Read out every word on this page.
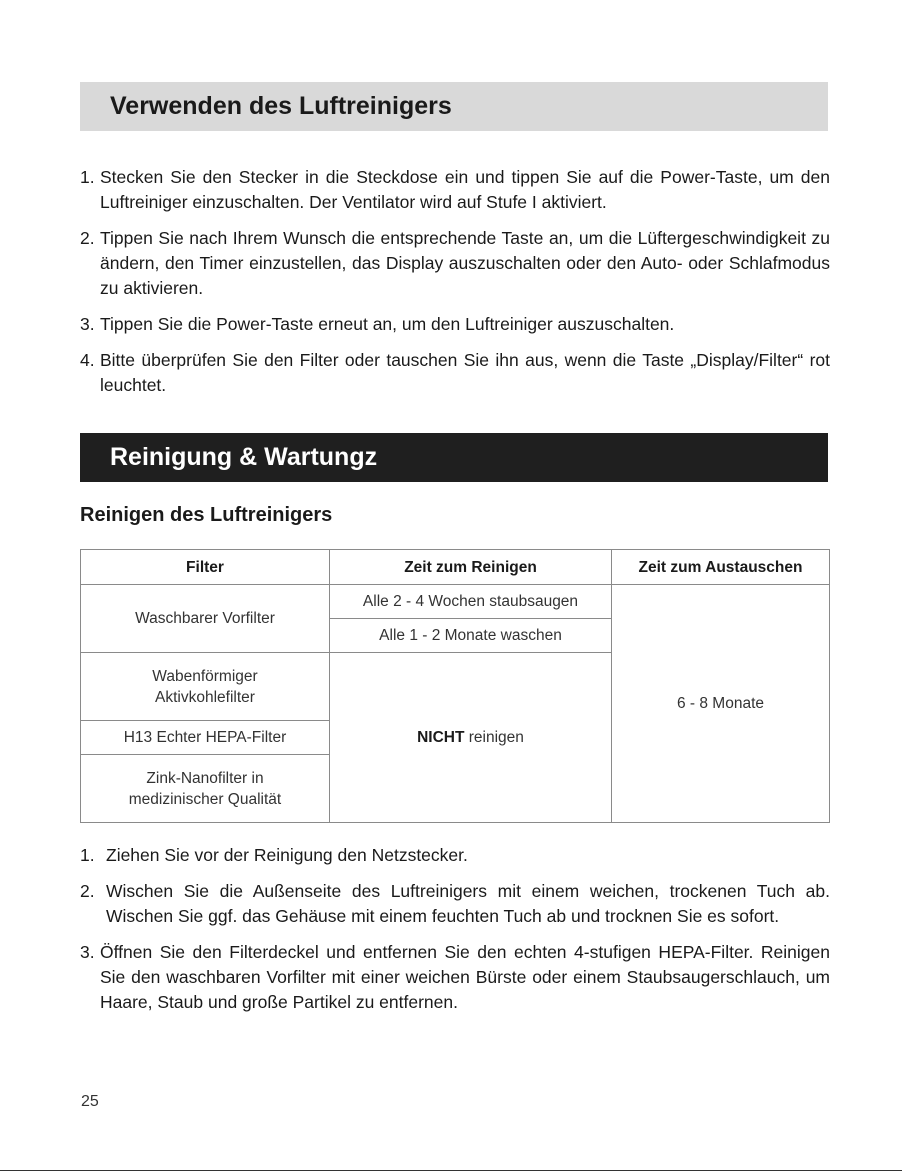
Verwenden des Luftreinigers
1. Stecken Sie den Stecker in die Steckdose ein und tippen Sie auf die Power-Taste, um den Luftreiniger einzuschalten. Der Ventilator wird auf Stufe I aktiviert.
2. Tippen Sie nach Ihrem Wunsch die entsprechende Taste an, um die Lüftergeschwindigkeit zu ändern, den Timer einzustellen, das Display auszuschalten oder den Auto- oder Schlafmodus zu aktivieren.
3. Tippen Sie die Power-Taste erneut an, um den Luftreiniger auszuschalten.
4. Bitte überprüfen Sie den Filter oder tauschen Sie ihn aus, wenn die Taste „Display/Filter“ rot leuchtet.
Reinigung & Wartungz
Reinigen des Luftreinigers
Filter	Zeit zum Reinigen	Zeit zum Austauschen
Waschbarer Vorfilter	Alle 2 - 4 Wochen staubsaugen	6 - 8 Monate
	Alle 1 - 2 Monate waschen	
Wabenförmiger Aktivkohlefilter	NICHT reinigen	
H13 Echter HEPA-Filter		
Zink-Nanofilter in medizinischer Qualität		
1. Ziehen Sie vor der Reinigung den Netzstecker.
2. Wischen Sie die Außenseite des Luftreinigers mit einem weichen, trockenen Tuch ab. Wischen Sie ggf. das Gehäuse mit einem feuchten Tuch ab und trocknen Sie es sofort.
3. Öffnen Sie den Filterdeckel und entfernen Sie den echten 4-stufigen HEPA-Filter. Reinigen Sie den waschbaren Vorfilter mit einer weichen Bürste oder einem Staubsaugerschlauch, um Haare, Staub und große Partikel zu entfernen.
25
